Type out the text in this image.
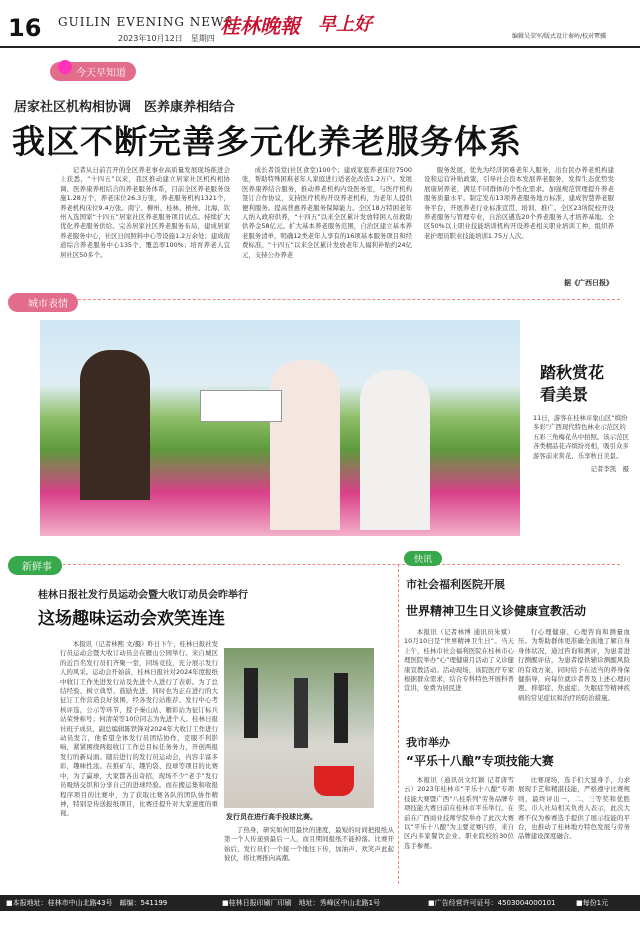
16 GUILIN EVENING NEWS
2023年10月12日　星期四
桂林晚報 早上好
编辑吴荣军/版式设计秦岭/校对覃骥
今天早知道
居家社区机构相协调　医养康养相结合
我区不断完善多元化养老服务体系

记者从日前召开的全区养老事业高质量发展现场推进会上获悉，“十四五”以来，我区推动建立居家社区机构相协调、医养康养相结合的养老服务体系，目前全区养老服务设施1.28万个，养老床位26.3万张，养老服务机构1321个，养老机构床位9.4万张。南宁、柳州、桂林、梧州、北海、钦州入选国家“十四五”居家社区养老服务项目试点。持续扩大优化养老服务供给。完善居家社区养老服务布局，建成居家养老服务中心，社区日间照料中心等设施1.2万余处；建成街道综合养老服务中心135个、覆盖率100%；培育养老人宜居社区50多个。

成长者饭堂(社区食堂)100个；建成家庭养老床位7500张，帮助特殊困难老年人家庭进行适老化改造1.2万户。发展医养康养结合服务，推动养老机构内设医务室，与医疗机构签订合作协议，支持医疗机构开设养老机构，为老年人提供便利服务。提高普惠养老服务保障能力。全区18万特困老年人纳入政府供养，“十四五”以来全区累计发放特困人员救助供养金58亿元。扩大基本养老服务范围，自治区建立基本养老服务清单，明确12类老年人享有的16项基本服务项目和经费标准。“十四五”以来全区累计发放老年人福利补贴约24亿元，支持公办养老

服务发展，优先为经济困难老年人服务，出台民办养老机构建设和运营补贴政策，引导社会资本发展养老服务，发挥生态优势发展康居养老，满足不同群体的个性化需求。加强规范管理提升养老服务质量水平。制定发布13项养老服务地方标准，建成智慧养老服务平台，开展养老行业标准宣贯、培训、推广。全区23所院校开设养老服务与管理专业，自治区遴选20个养老服务人才培养基地。全区50%以上职业技能培训机构开设养老相关职业培训工种，组织养老护理员职业技能培训1.75万人次。

据《广西日报》
城市表情
踏秋赏花
看美景
11日，游客在桂林市象山区“缤纷多彩”广西现代特色林业示范区的五彩三角梅花丛中拍照。该示范区各类精品花卉缤纷亮相，吸引众多游客前来赏花、乐享秋日美景。
记者李凯　摄
新鲜事
桂林日报社发行员运动会暨大收订动员会昨举行
这场趣味运动会欢笑连连

本报讯（记者林熙 文/摄）昨日下午，桂林日报社发行员运动会暨大收订动员会在雁山公园举行。来自城区的近百名发行员们齐聚一堂，同场竞技，充分展示发行人的风采。运动会开始前，桂林日报社对2024年度报纸中收订工作先进发行站及先进个人进行了表彰。为了总结经验、树立典型、鼓励先进，同时也为正在进行的大征订工作营造良好氛围，经各发行站推荐、发行中心考核评选，公示等环节，授予秦山站、雁彩站为征订标兵站荣誉称号；何清荣等10位同志为先进个人。桂林日报社班子成员、副总编辑陈铁锋对2024年大收订工作进行动员发言，他希望全体发行员团结协作，克服不利影响，紧紧围绕两报收订工作总目标任务务力，开创两报发行的新局面。随后进行的发行员运动会，内容丰富多彩，趣味性浓。在推矿车、趣钓袋、投球等项目的比赛中，为了赢球，大家都各出奇招，现场不少“老手”发行员吸纳交织和分享自己的进球经验。而在搬运集和收报程序项目的比赛中，为了获取比赛各队的团队协作精神，特别是传送报纸项目，比赛还提升对大家速度的重视。	发行员在进行高手投球比赛。

了热身，研究如何用最快的速度，最短的时间把报纸从第一个人传递到最后一人，而且期间报纸不能掉落。比赛开始后，发行员们一个接一个地往下传，加油声、欢笑声此起彼伏，将比赛推向高潮。

快讯
市社会福利医院开展
世界精神卫生日义诊健康宣教活动

本报讯（记者林博 通讯员朱斌）10月10日是“世界精神卫生日”。当天上午，桂林市社会福利医院在桂林市心理医院举办“心”理健康月活动了义诊健康宣教活动。活动现场，该院医疗专家根据群众需求，结合专科特色开展科普宣讲，免费为居民进

行心理健康、心理咨询和测量血压。为帮助群体更准确全面地了解自身身体状况，通过咨询和测评，为患者进行测醒评估，为患者提供辅诊测醒风险的有效方案，同时给予在适当的养身保健指导，向每位就诊者普及上述心理问题、抑郁症、焦虑症、失眠症等精神疾病的常见症状和治疗的防治措施。

我市举办
“平乐十八酿”专项技能大赛

本报讯（通讯员文红颖 记者唐雪云）2023年桂林市“平乐十八酿”专项技能大赛暨广西“八桂系列”劳务品牌专项技能大赛日前在桂林市平乐举行。在前在广西商业技师学院举办了此次大赛以“平乐十八酿”为主要竞赛内容，来自区内多家餐饮企业、职业院校的30位选手参赛。

比赛现场，选手们大显身手，力求展现手艺和精湛技能，严格遵守比赛规则，最终评出一、二、三等奖和优胜奖。市人社局相关负责人表示，此次大赛不仅为参赛选手提供了展示技能的平台，也推动了桂林地方特色发展与劳务品牌建设深度融合。

■本报地址：桂林市中山北路43号　邮编：541199	■桂林日报印刷厂印刷　地址：秀峰区中山北路1号	■广告经营许可证号：4503004000101	■每份1元
